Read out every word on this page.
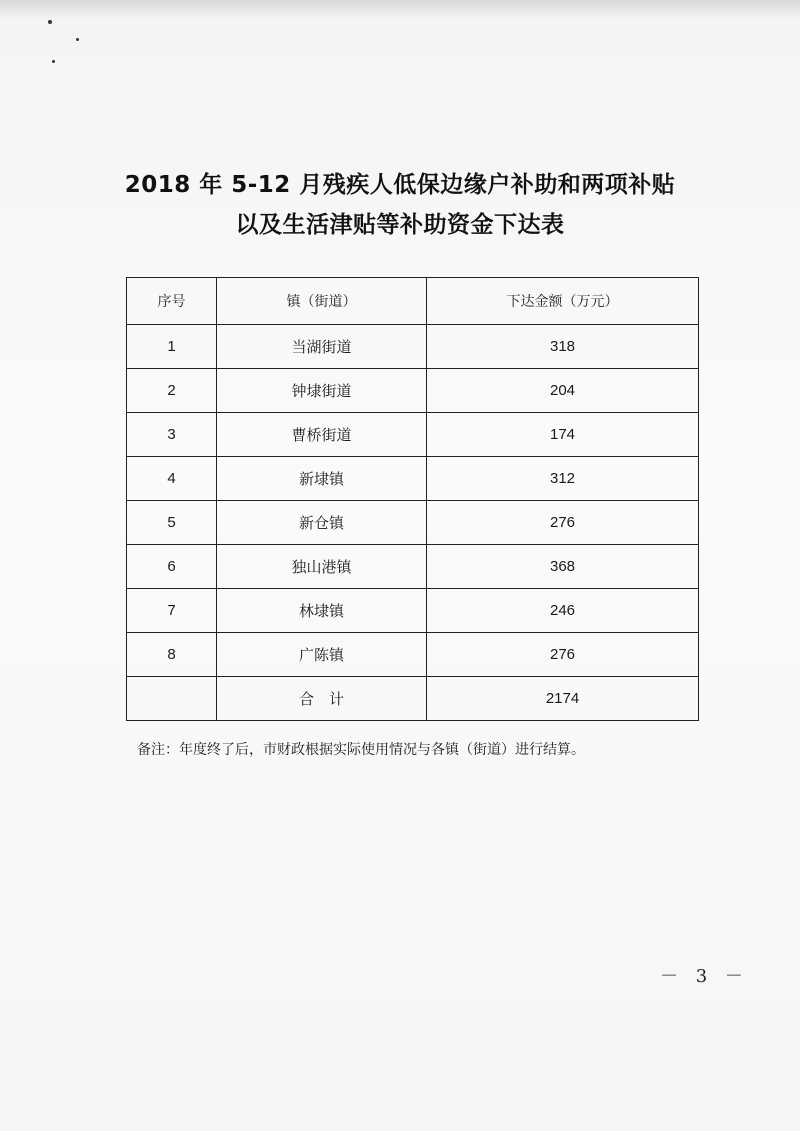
2018 年 5-12 月残疾人低保边缘户补助和两项补贴
以及生活津贴等补助资金下达表
序号	镇（街道）	下达金额（万元）
1	当湖街道	318
2	钟埭街道	204
3	曹桥街道	174
4	新埭镇	312
5	新仓镇	276
6	独山港镇	368
7	林埭镇	246
8	广陈镇	276
	合　计	2174
备注：年度终了后，市财政根据实际使用情况与各镇（街道）进行结算。
－ 3 －
